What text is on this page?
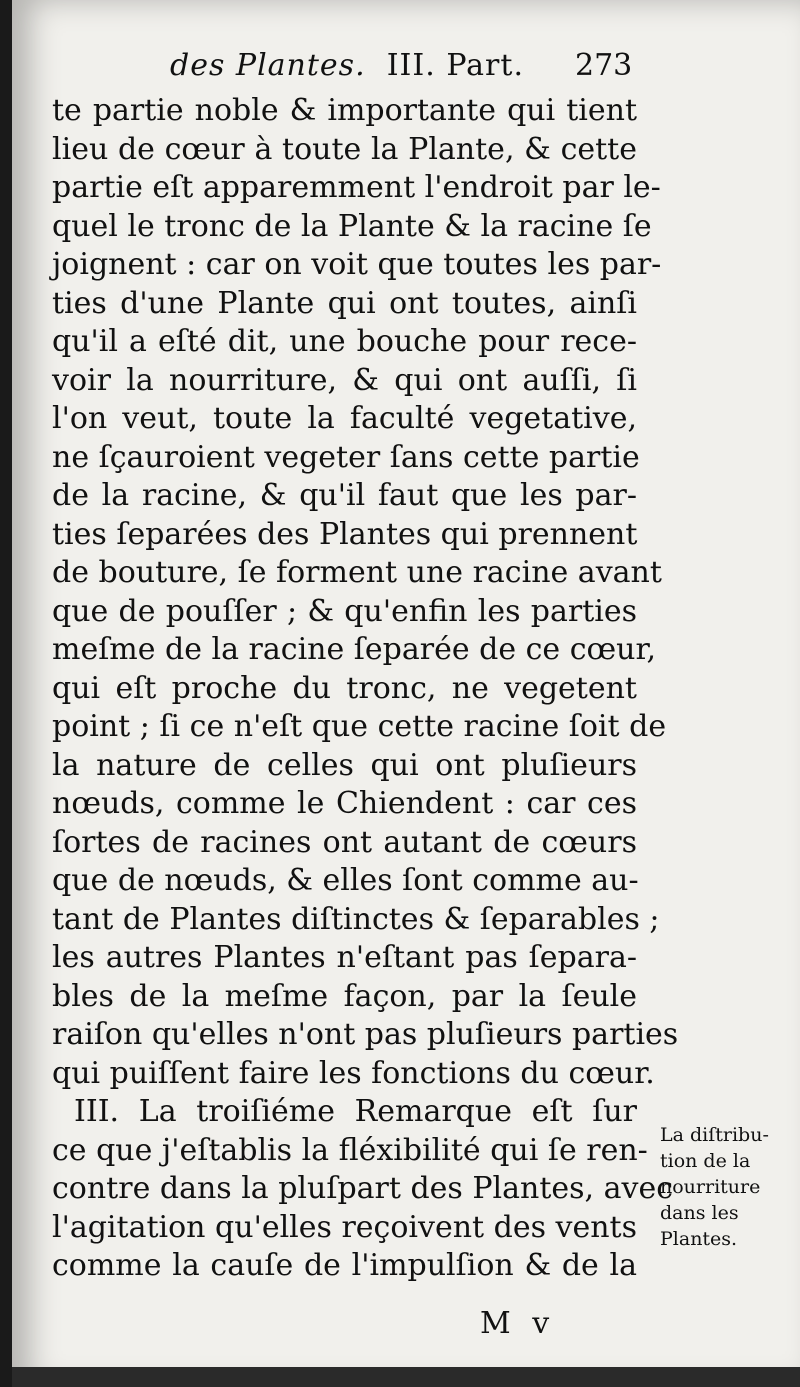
des Plantes. III. Part. 273
te partie noble & importante qui tient
lieu de cœur à toute la Plante, & cette
partie eſt apparemment l'endroit par le-
quel le tronc de la Plante & la racine ſe
joignent : car on voit que toutes les par-
ties d'une Plante qui ont toutes, ainſi
qu'il a eſté dit, une bouche pour rece-
voir la nourriture, & qui ont auſſi, ſi
l'on veut, toute la faculté vegetative,
ne ſçauroient vegeter ſans cette partie
de la racine, & qu'il faut que les par-
ties ſeparées des Plantes qui prennent
de bouture, ſe forment une racine avant
que de pouſſer ; & qu'enfin les parties
meſme de la racine ſeparée de ce cœur,
qui eſt proche du tronc, ne vegetent
point ; ſi ce n'eſt que cette racine ſoit de
la nature de celles qui ont pluſieurs
nœuds, comme le Chiendent : car ces
ſortes de racines ont autant de cœurs
que de nœuds, & elles ſont comme au-
tant de Plantes diſtinctes & ſeparables ;
les autres Plantes n'eſtant pas ſepara-
bles de la meſme façon, par la ſeule
raiſon qu'elles n'ont pas pluſieurs parties
qui puiſſent faire les fonctions du cœur.
III. La troiſiéme Remarque eſt ſur
ce que j'eſtablis la fléxibilité qui ſe ren-
contre dans la pluſpart des Plantes, avec
l'agitation qu'elles reçoivent des vents
comme la cauſe de l'impulſion & de la
La diſtribu-
tion de la
nourriture
dans les
Plantes.
M v
